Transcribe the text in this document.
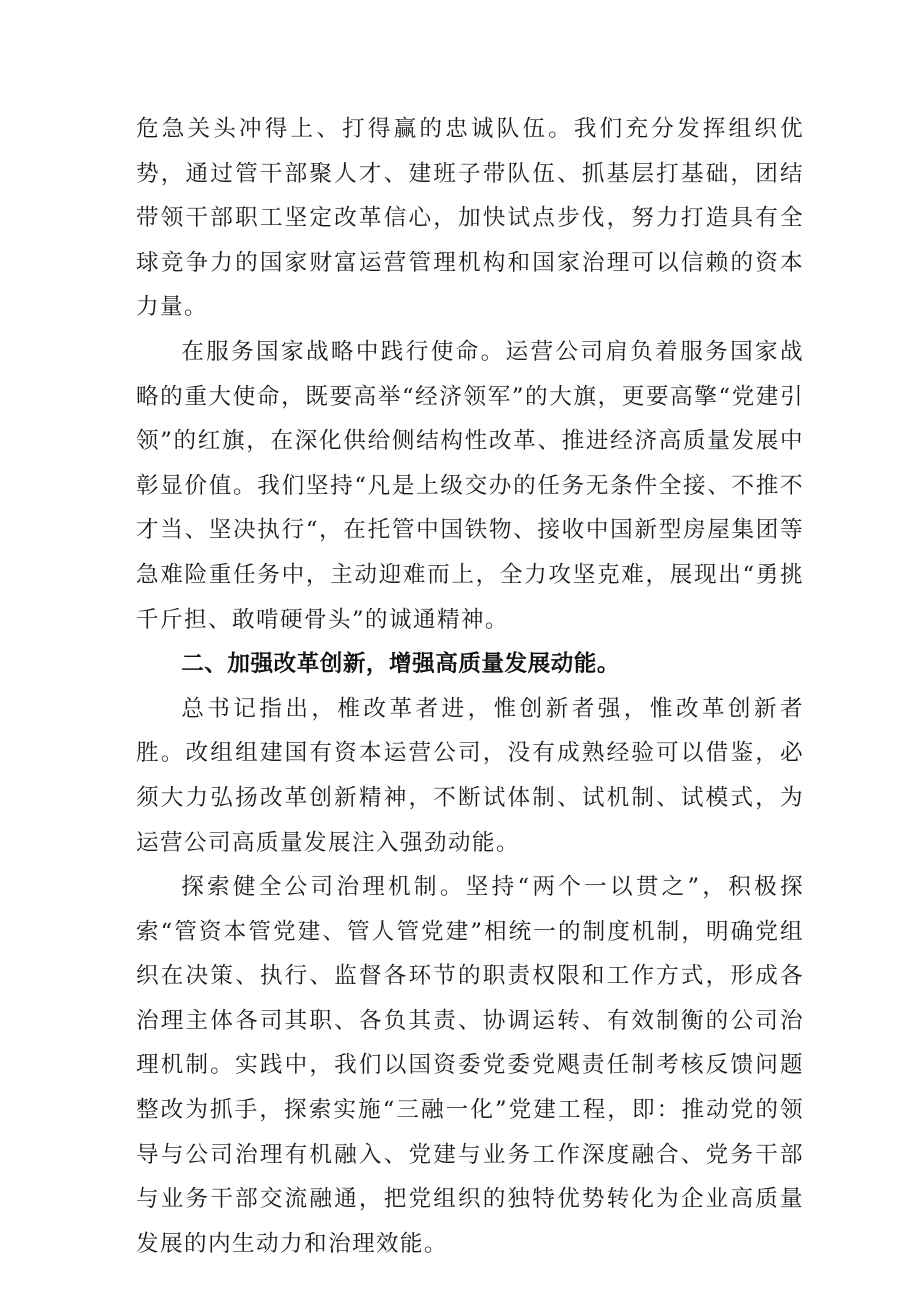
危急关头冲得上、打得赢的忠诚队伍。我们充分发挥组织优势，通过管干部聚人才、建班子带队伍、抓基层打基础，团结带领干部职工坚定改革信心，加快试点步伐，努力打造具有全球竞争力的国家财富运营管理机构和国家治理可以信赖的资本力量。

在服务国家战略中践行使命。运营公司肩负着服务国家战略的重大使命，既要高举“经济领军”的大旗，更要高擎“党建引领”的红旗，在深化供给侧结构性改革、推进经济高质量发展中彰显价值。我们坚持“凡是上级交办的任务无条件全接、不推不才当、坚决执行“，在托管中国铁物、接收中国新型房屋集团等急难险重任务中，主动迎难而上，全力攻坚克难，展现出“勇挑千斤担、敢啃硬骨头”的诚通精神。

二、加强改革创新，增强高质量发展动能。

总书记指出，椎改革者进，惟创新者强，惟改革创新者胜。改组组建国有资本运营公司，没有成熟经验可以借鉴，必须大力弘扬改革创新精神，不断试体制、试机制、试模式，为运营公司高质量发展注入强劲动能。

探索健全公司治理机制。坚持“两个一以贯之”，积极探索“管资本管党建、管人管党建”相统一的制度机制，明确党组织在决策、执行、监督各环节的职责权限和工作方式，形成各治理主体各司其职、各负其责、协调运转、有效制衡的公司治理机制。实践中，我们以国资委党委党飓责任制考核反馈问题整改为抓手，探索实施“三融一化”党建工程，即：推动党的领导与公司治理有机融入、党建与业务工作深度融合、党务干部与业务干部交流融通，把党组织的独特优势转化为企业高质量发展的内生动力和治理效能。
